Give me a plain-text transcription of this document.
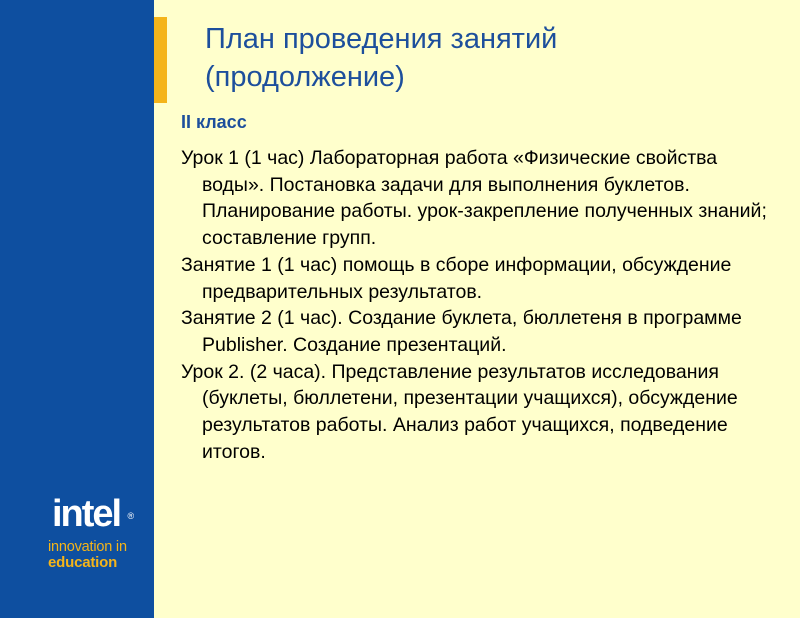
intel ®
innovation in
education
План проведения занятий
(продолжение)
II класс
Урок 1 (1 час) Лабораторная работа «Физические свойства воды». Постановка задачи для выполнения буклетов. Планирование работы. урок-закрепление полученных знаний; составление групп.
Занятие 1 (1 час) помощь в сборе информации, обсуждение предварительных результатов.
Занятие 2 (1 час). Создание буклета, бюллетеня в программе Publisher. Создание презентаций.
Урок 2. (2 часа). Представление результатов исследования (буклеты, бюллетени, презентации учащихся), обсуждение результатов работы. Анализ работ учащихся, подведение итогов.
